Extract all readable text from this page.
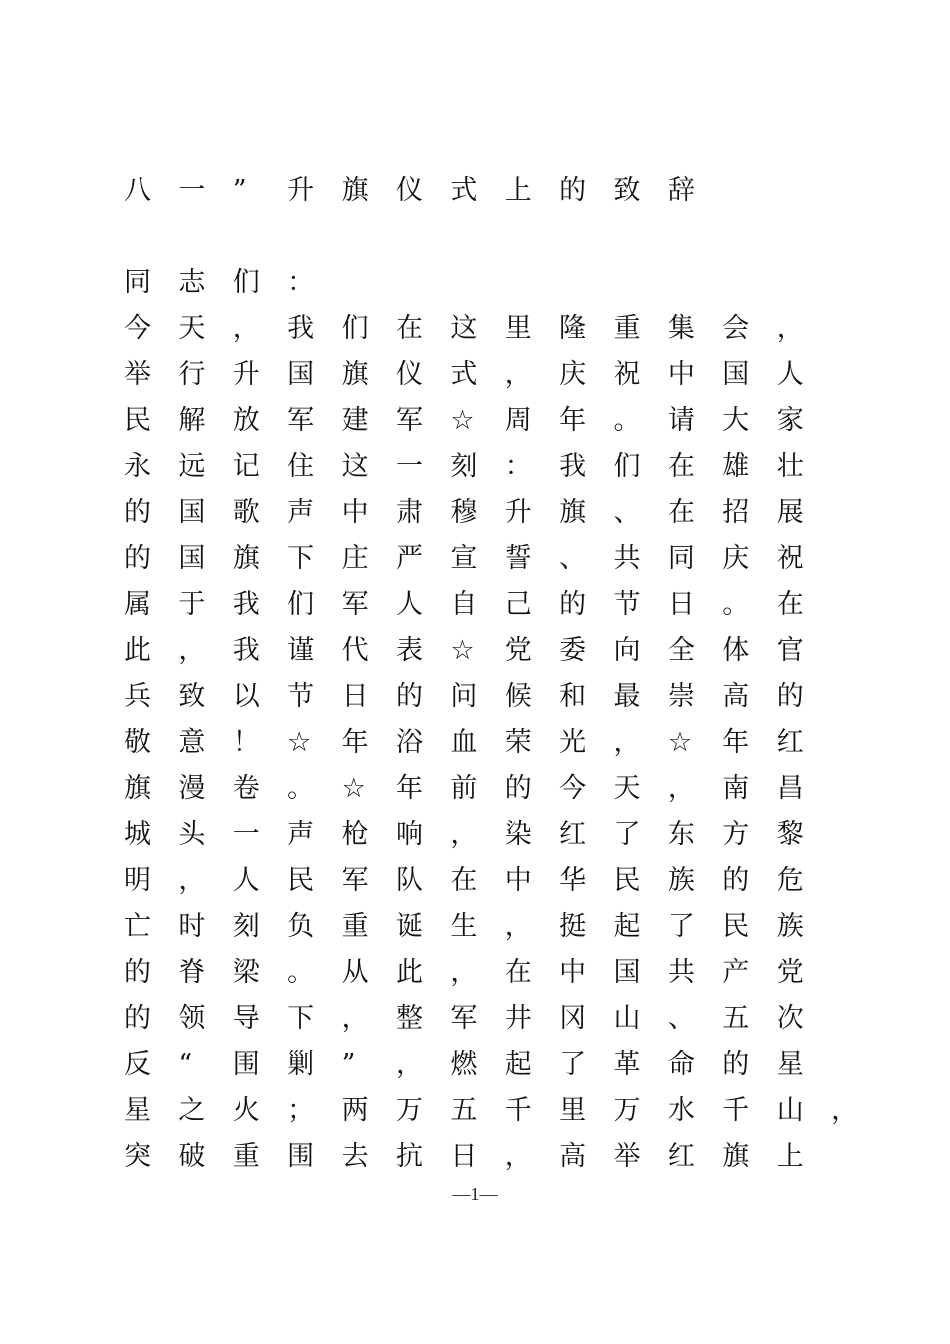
八	一	”	升	旗	仪	式	上	的	致	辞
同	志	们	：
今	天	，	我	们	在	这	里	隆	重	集	会	，
举	行	升	国	旗	仪	式	，	庆	祝	中	国	人
民	解	放	军	建	军	☆	周	年	。	请	大	家
永	远	记	住	这	一	刻	：	我	们	在	雄	壮
的	国	歌	声	中	肃	穆	升	旗	、	在	招	展
的	国	旗	下	庄	严	宣	誓	、	共	同	庆	祝
属	于	我	们	军	人	自	己	的	节	日	。	在
此	，	我	谨	代	表	☆	党	委	向	全	体	官
兵	致	以	节	日	的	问	候	和	最	崇	高	的
敬	意	！	☆	年	浴	血	荣	光	，	☆	年	红
旗	漫	卷	。	☆	年	前	的	今	天	，	南	昌
城	头	一	声	枪	响	，	染	红	了	东	方	黎
明	，	人	民	军	队	在	中	华	民	族	的	危
亡	时	刻	负	重	诞	生	，	挺	起	了	民	族
的	脊	梁	。	从	此	，	在	中	国	共	产	党
的	领	导	下	，	整	军	井	冈	山	、	五	次
反	“	围	剿	”	，	燃	起	了	革	命	的	星
星	之	火	；	两	万	五	千	里	万	水	千	山	，
突	破	重	围	去	抗	日	，	高	举	红	旗	上
—1—
